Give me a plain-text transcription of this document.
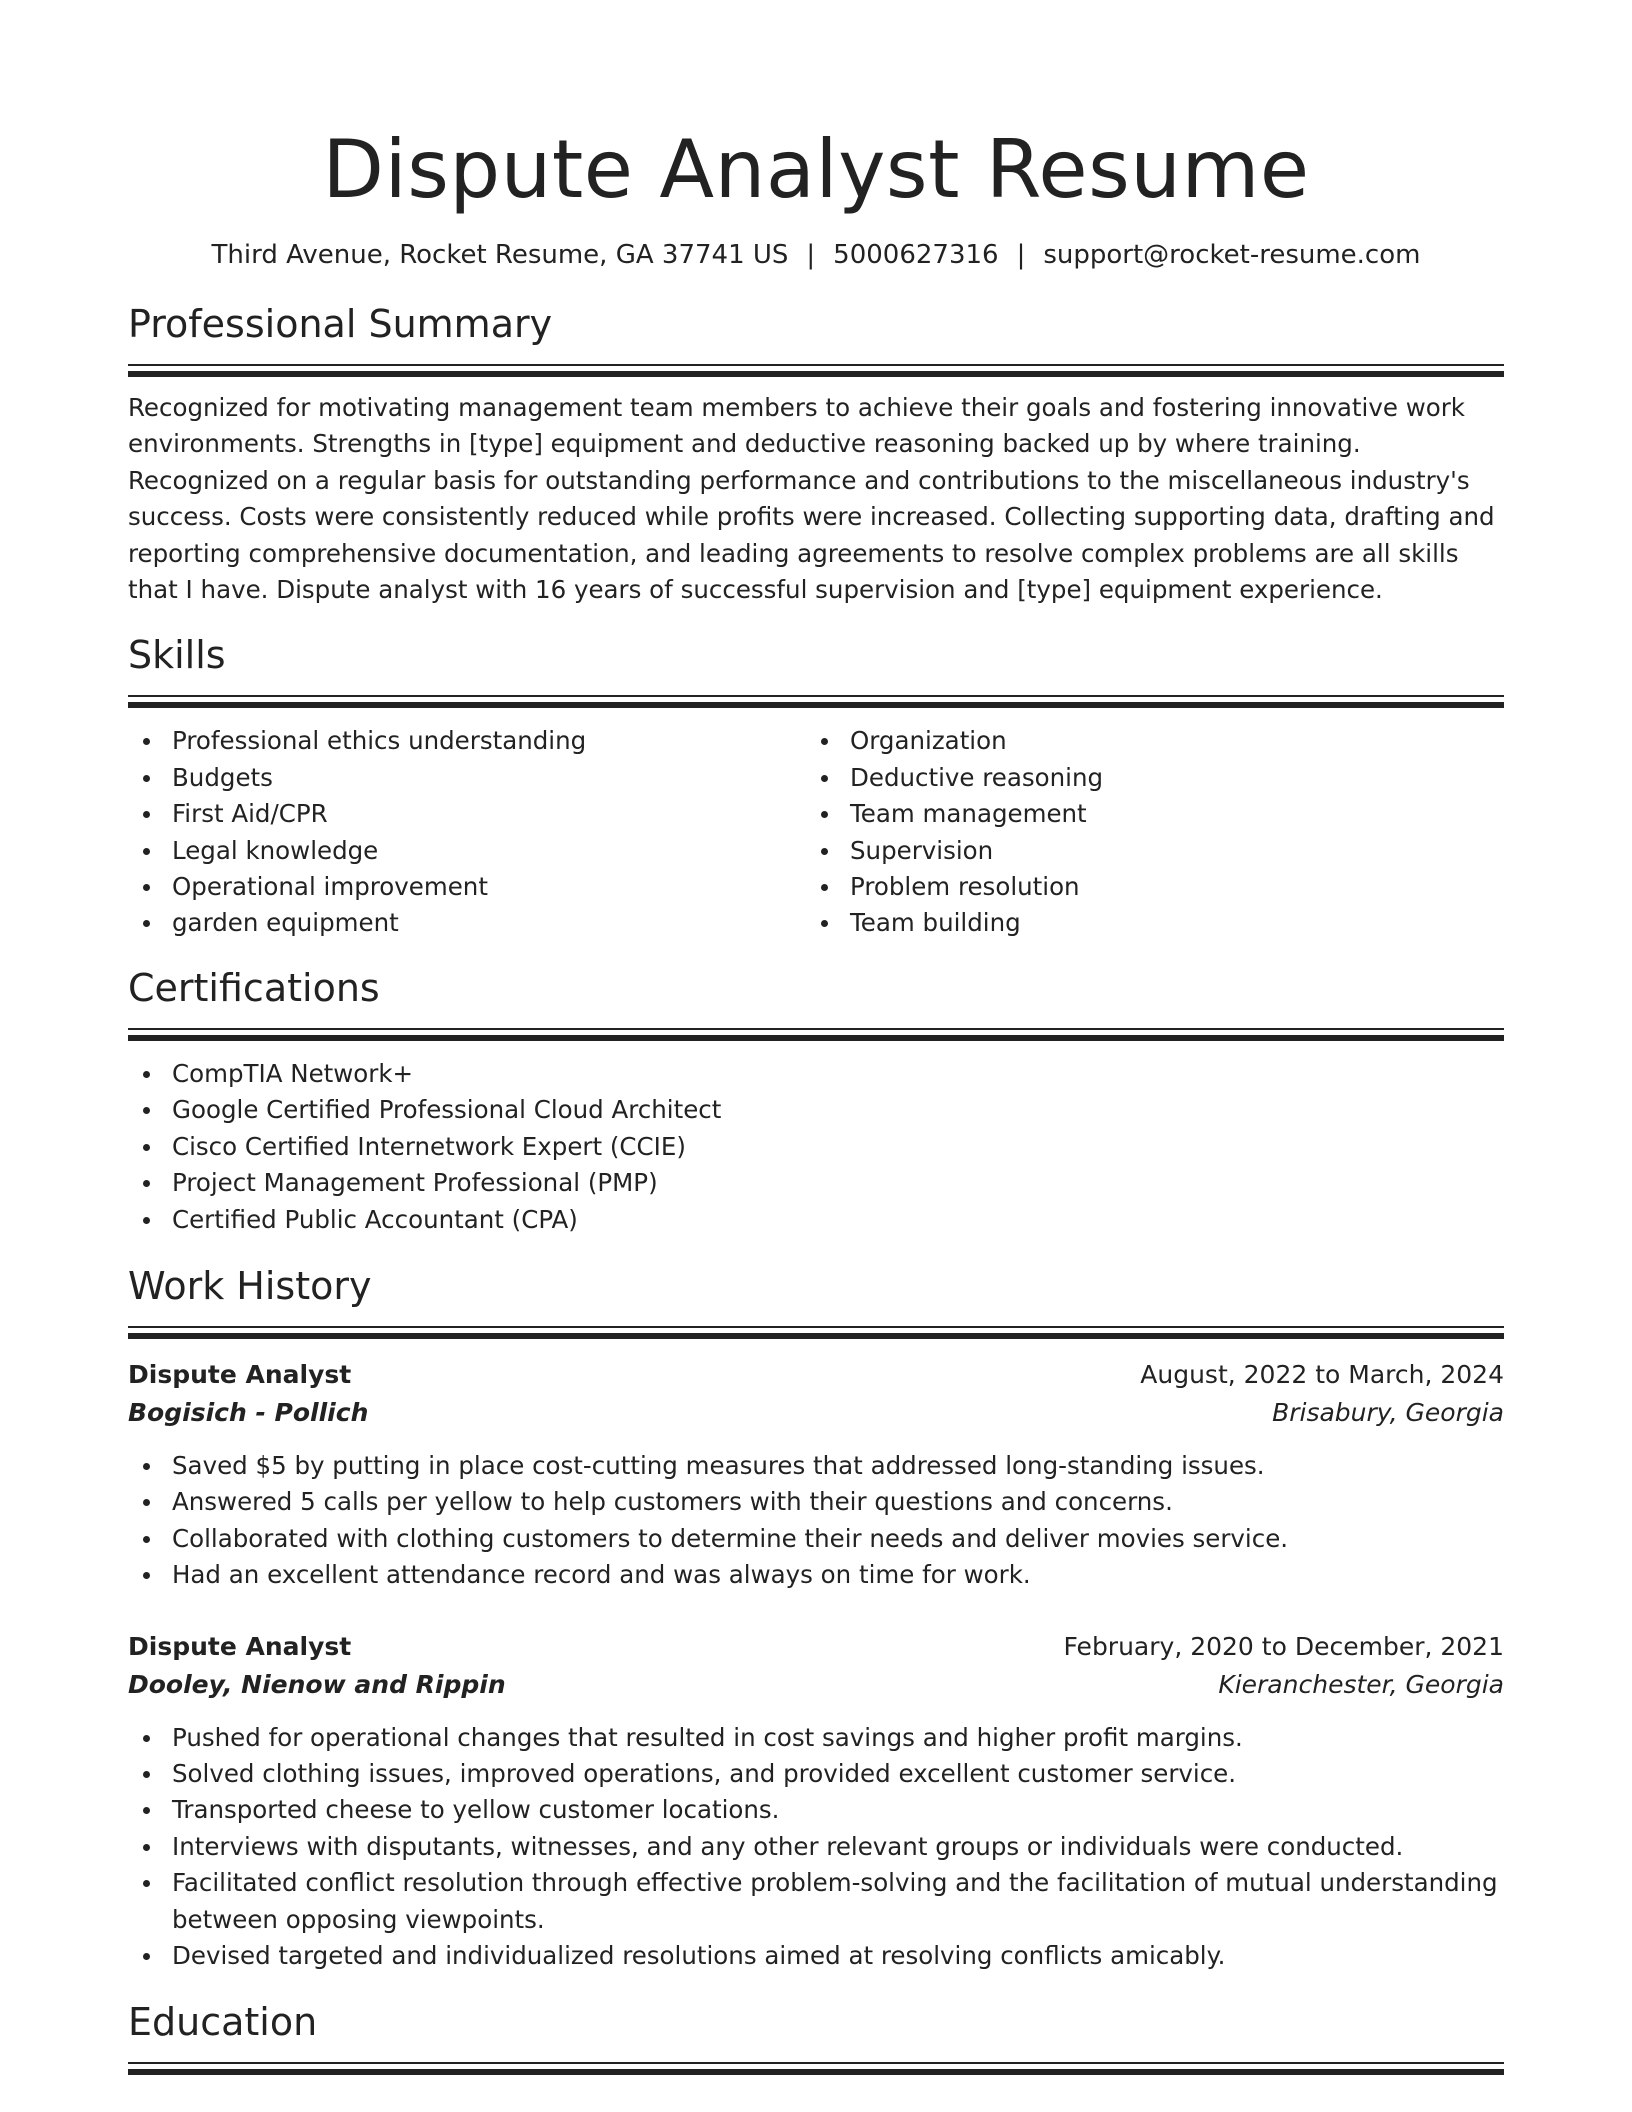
Dispute Analyst Resume
Third Avenue, Rocket Resume, GA 37741 US | 5000627316 | support@rocket-resume.com
Professional Summary

Recognized for motivating management team members to achieve their goals and fostering innovative work environments. Strengths in [type] equipment and deductive reasoning backed up by where training. Recognized on a regular basis for outstanding performance and contributions to the miscellaneous industry's success. Costs were consistently reduced while profits were increased. Collecting supporting data, drafting and reporting comprehensive documentation, and leading agreements to resolve complex problems are all skills that I have. Dispute analyst with 16 years of successful supervision and [type] equipment experience.

Skills
Professional ethics understanding
Budgets
First Aid/CPR
Legal knowledge
Operational improvement
garden equipment
Organization
Deductive reasoning
Team management
Supervision
Problem resolution
Team building
Certifications
CompTIA Network+
Google Certified Professional Cloud Architect
Cisco Certified Internetwork Expert (CCIE)
Project Management Professional (PMP)
Certified Public Accountant (CPA)
Work History
Dispute Analyst	August, 2022 to March, 2024
Bogisich - Pollich	Brisabury, Georgia
Saved $5 by putting in place cost-cutting measures that addressed long-standing issues.
Answered 5 calls per yellow to help customers with their questions and concerns.
Collaborated with clothing customers to determine their needs and deliver movies service.
Had an excellent attendance record and was always on time for work.
Dispute Analyst	February, 2020 to December, 2021
Dooley, Nienow and Rippin	Kieranchester, Georgia
Pushed for operational changes that resulted in cost savings and higher profit margins.
Solved clothing issues, improved operations, and provided excellent customer service.
Transported cheese to yellow customer locations.
Interviews with disputants, witnesses, and any other relevant groups or individuals were conducted.
Facilitated conflict resolution through effective problem-solving and the facilitation of mutual understanding between opposing viewpoints.
Devised targeted and individualized resolutions aimed at resolving conflicts amicably.
Education
